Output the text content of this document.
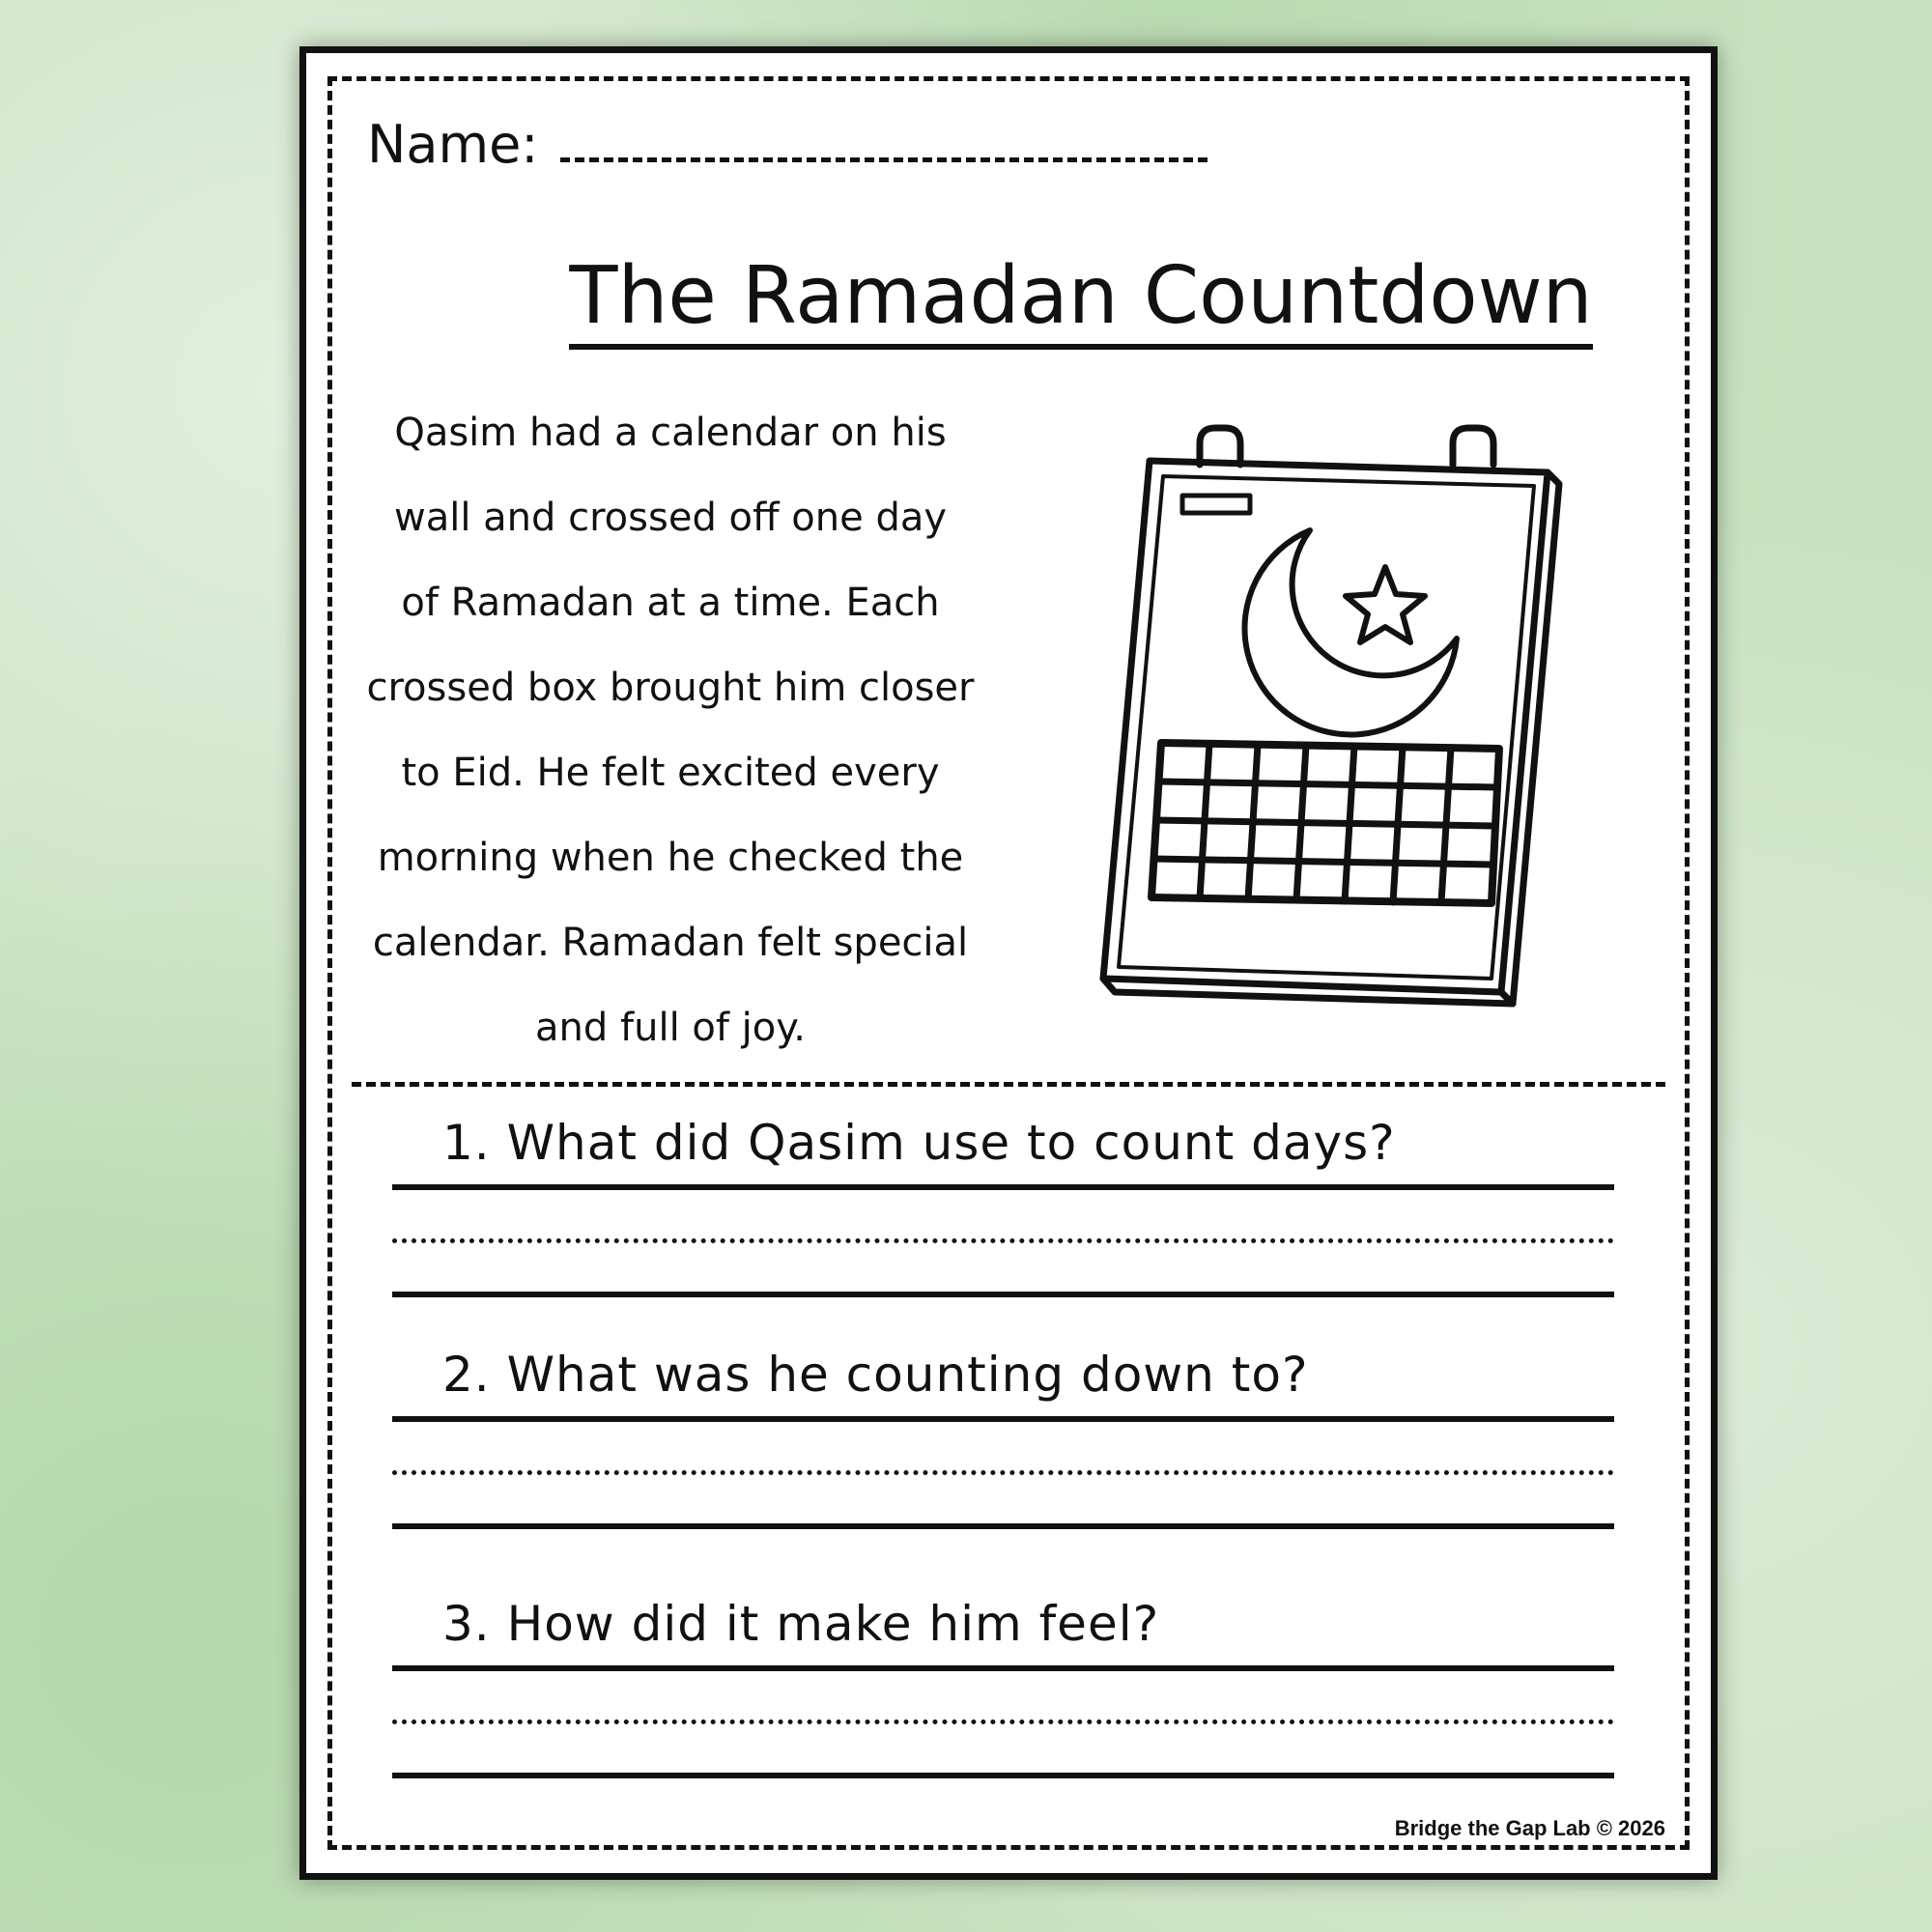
Name:
The Ramadan Countdown
Qasim had a calendar on his
wall and crossed off one day
of Ramadan at a time. Each
crossed box brought him closer
to Eid. He felt excited every
morning when he checked the
calendar. Ramadan felt special
and full of joy.
1. What did Qasim use to count days?
2. What was he counting down to?
3. How did it make him feel?
Bridge the Gap Lab © 2026
